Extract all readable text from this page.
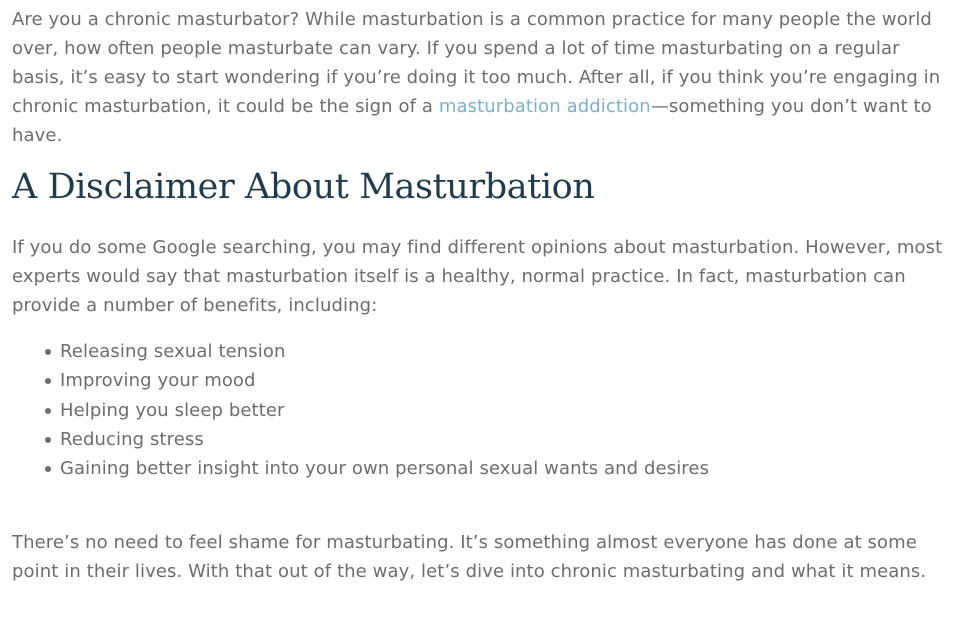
Are you a chronic masturbator? While masturbation is a common practice for many people the world over, how often people masturbate can vary. If you spend a lot of time masturbating on a regular basis, it’s easy to start wondering if you’re doing it too much. After all, if you think you’re engaging in chronic masturbation, it could be the sign of a masturbation addiction—something you don’t want to have.

A Disclaimer About Masturbation

If you do some Google searching, you may find different opinions about masturbation. However, most experts would say that masturbation itself is a healthy, normal practice. In fact, masturbation can provide a number of benefits, including:

Releasing sexual tension
Improving your mood
Helping you sleep better
Reducing stress
Gaining better insight into your own personal sexual wants and desires

There’s no need to feel shame for masturbating. It’s something almost everyone has done at some point in their lives. With that out of the way, let’s dive into chronic masturbating and what it means.
